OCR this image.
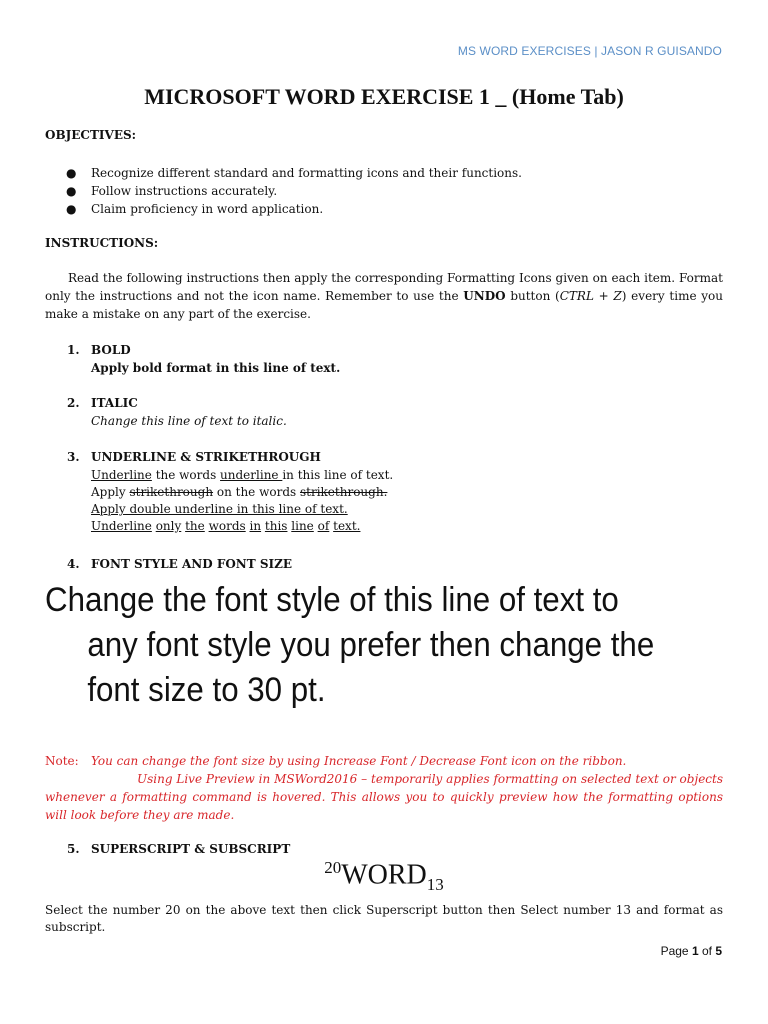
MS WORD EXERCISES | JASON R GUISANDO
MICROSOFT WORD EXERCISE 1 _ (Home Tab)
OBJECTIVES:
●	Recognize different standard and formatting icons and their functions.
●	Follow instructions accurately.
●	Claim proficiency in word application.
INSTRUCTIONS:
Read the following instructions then apply the corresponding Formatting Icons given on each item. Format only the instructions and not the icon name. Remember to use the UNDO button (CTRL + Z) every time you make a mistake on any part of the exercise.
1. BOLD
Apply bold format in this line of text.
2. ITALIC
Change this line of text to italic.
3. UNDERLINE & STRIKETHROUGH
Underline the words underline in this line of text.
Apply strikethrough on the words strikethrough.
Apply double underline in this line of text.
Underline only the words in this line of text.
4. FONT STYLE AND FONT SIZE
Change the font style of this line of text to
any font style you prefer then change the
font size to 30 pt.
Note: You can change the font size by using Increase Font / Decrease Font icon on the ribbon.
Using Live Preview in MSWord2016 – temporarily applies formatting on selected text or objects whenever a formatting command is hovered. This allows you to quickly preview how the formatting options will look before they are made.
5. SUPERSCRIPT & SUBSCRIPT
$^{20}WORD_{13}$
Select the number 20 on the above text then click Superscript button then Select number 13 and format as subscript.
Page 1 of 5
